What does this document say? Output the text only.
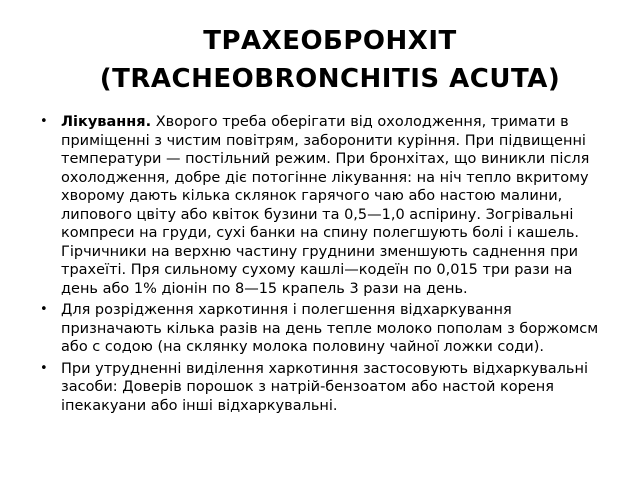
ТРАХЕОБРОНХІТ
(TRACHEOBRONCHITIS ACUTA)
• Лікування. Хворого треба оберігати від охолодження, тримати в приміщенні з чистим повітрям, заборонити куріння. При підвищенні температури — постільний режим. При бронхітах, що виникли після охолодження, добре діє потогінне лікування: на ніч тепло вкритому хворому дають кілька склянок гарячого чаю або настою малини, липового цвіту або квіток бузини та 0,5—1,0 аспірину. Зогрівальні компреси на груди, сухі банки на спину полегшують болі і кашель. Гірчичники на верхню частину груднини зменшують саднення при трахеїті. Пря сильному сухому кашлі—кодеїн по 0,015 три рази на день або 1% діонін по 8—15 крапель 3 рази на день.
• Для розрідження харкотиння і полегшення відхаркування призначають кілька разів на день тепле молоко пополам з боржомсм або с содою (на склянку молока половину чайної ложки соди).
• При утрудненні виділення харкотиння застосовують відхаркувальні засоби: Доверів порошок з натрій-бензоатом або настой кореня іпекакуани або інші відхаркувальні.
